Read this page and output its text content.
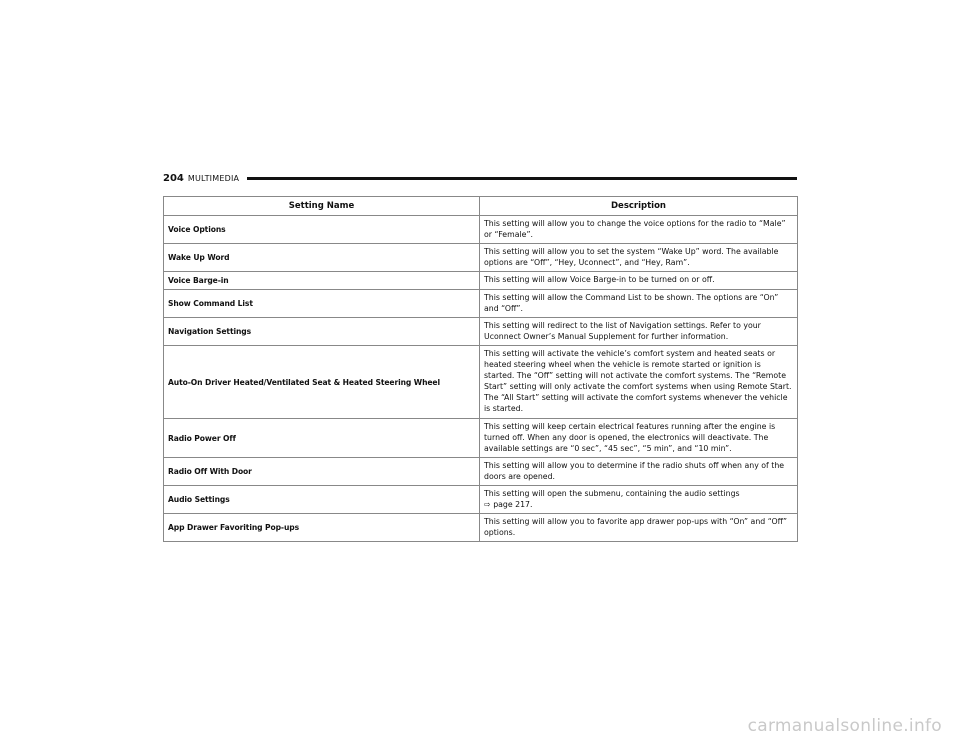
204 MULTIMEDIA
Setting Name	Description
Voice Options	This setting will allow you to change the voice options for the radio to “Male” or “Female”.
Wake Up Word	This setting will allow you to set the system “Wake Up” word. The available options are “Off”, “Hey, Uconnect”, and “Hey, Ram”.
Voice Barge-in	This setting will allow Voice Barge-in to be turned on or off.
Show Command List	This setting will allow the Command List to be shown. The options are “On” and “Off”.
Navigation Settings	This setting will redirect to the list of Navigation settings. Refer to your Uconnect Owner’s Manual Supplement for further information.
Auto-On Driver Heated/Ventilated Seat & Heated Steering Wheel	This setting will activate the vehicle’s comfort system and heated seats or heated steering wheel when the vehicle is remote started or ignition is started. The “Off” setting will not activate the comfort systems. The “Remote Start” setting will only activate the comfort systems when using Remote Start. The “All Start” setting will activate the comfort systems whenever the vehicle is started.
Radio Power Off	This setting will keep certain electrical features running after the engine is turned off. When any door is opened, the electronics will deactivate. The available settings are “0 sec”, “45 sec”, “5 min”, and “10 min”.
Radio Off With Door	This setting will allow you to determine if the radio shuts off when any of the doors are opened.
Audio Settings	This setting will open the submenu, containing the audio settings
⇨ page 217.
App Drawer Favoriting Pop-ups	This setting will allow you to favorite app drawer pop-ups with “On” and “Off” options.
carmanualsonline.info
